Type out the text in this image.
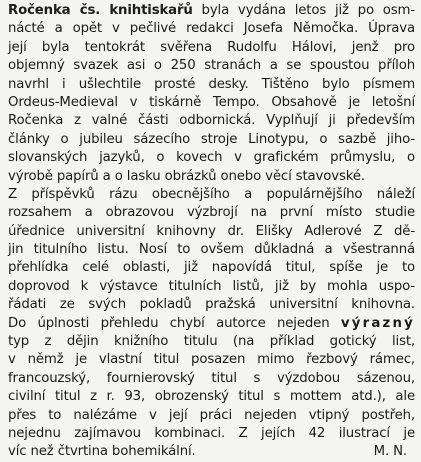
Ročenka čs. knihtiskařů byla vydána letos již po osm-
nácté a opět v pečlivé redakci Josefa Němočka. Úprava
její byla tentokrát svěřena Rudolfu Hálovi, jenž pro
objemný svazek asi o 250 stranách a se spoustou příloh
navrhl i ušlechtile prosté desky. Tištěno bylo písmem
Ordeus-Medieval v tiskárně Tempo. Obsahově je letošní
Ročenka z valné části odbornická. Vyplňují ji především
články o jubileu sázecího stroje Linotypu, o sazbě jiho-
slovanských jazyků, o kovech v grafickém průmyslu, o
výrobě papírů a o lasku obrázků onebo věcí stavovské.
Z příspěvků rázu obecnějšího a populárnějšího náleží
rozsahem a obrazovou výzbrojí na první místo studie
úřednice universitní knihovny dr. Elišky Adlerové Z dě-
jin titulního listu. Nosí to ovšem důkladná a všestranná
přehlídka celé oblasti, již napovídá titul, spíše je to
doprovod k výstavce titulních listů, již by mohla uspo-
řádati ze svých pokladů pražská universitní knihovna.
Do úplnosti přehledu chybí autorce nejeden výrazný
typ z dějin knižního titulu (na příklad gotický list,
v němž je vlastní titul posazen mimo řezbový rámec,
francouzský, fournierovský titul s výzdobou sázenou,
civilní titul z r. 93, obrozenský titul s mottem atd.), ale
přes to nalézáme v její práci nejeden vtipný postřeh,
nejednu zajímavou kombinaci. Z jejích 42 ilustrací je
víc než čtvrtina bohemikální.	M. N.
